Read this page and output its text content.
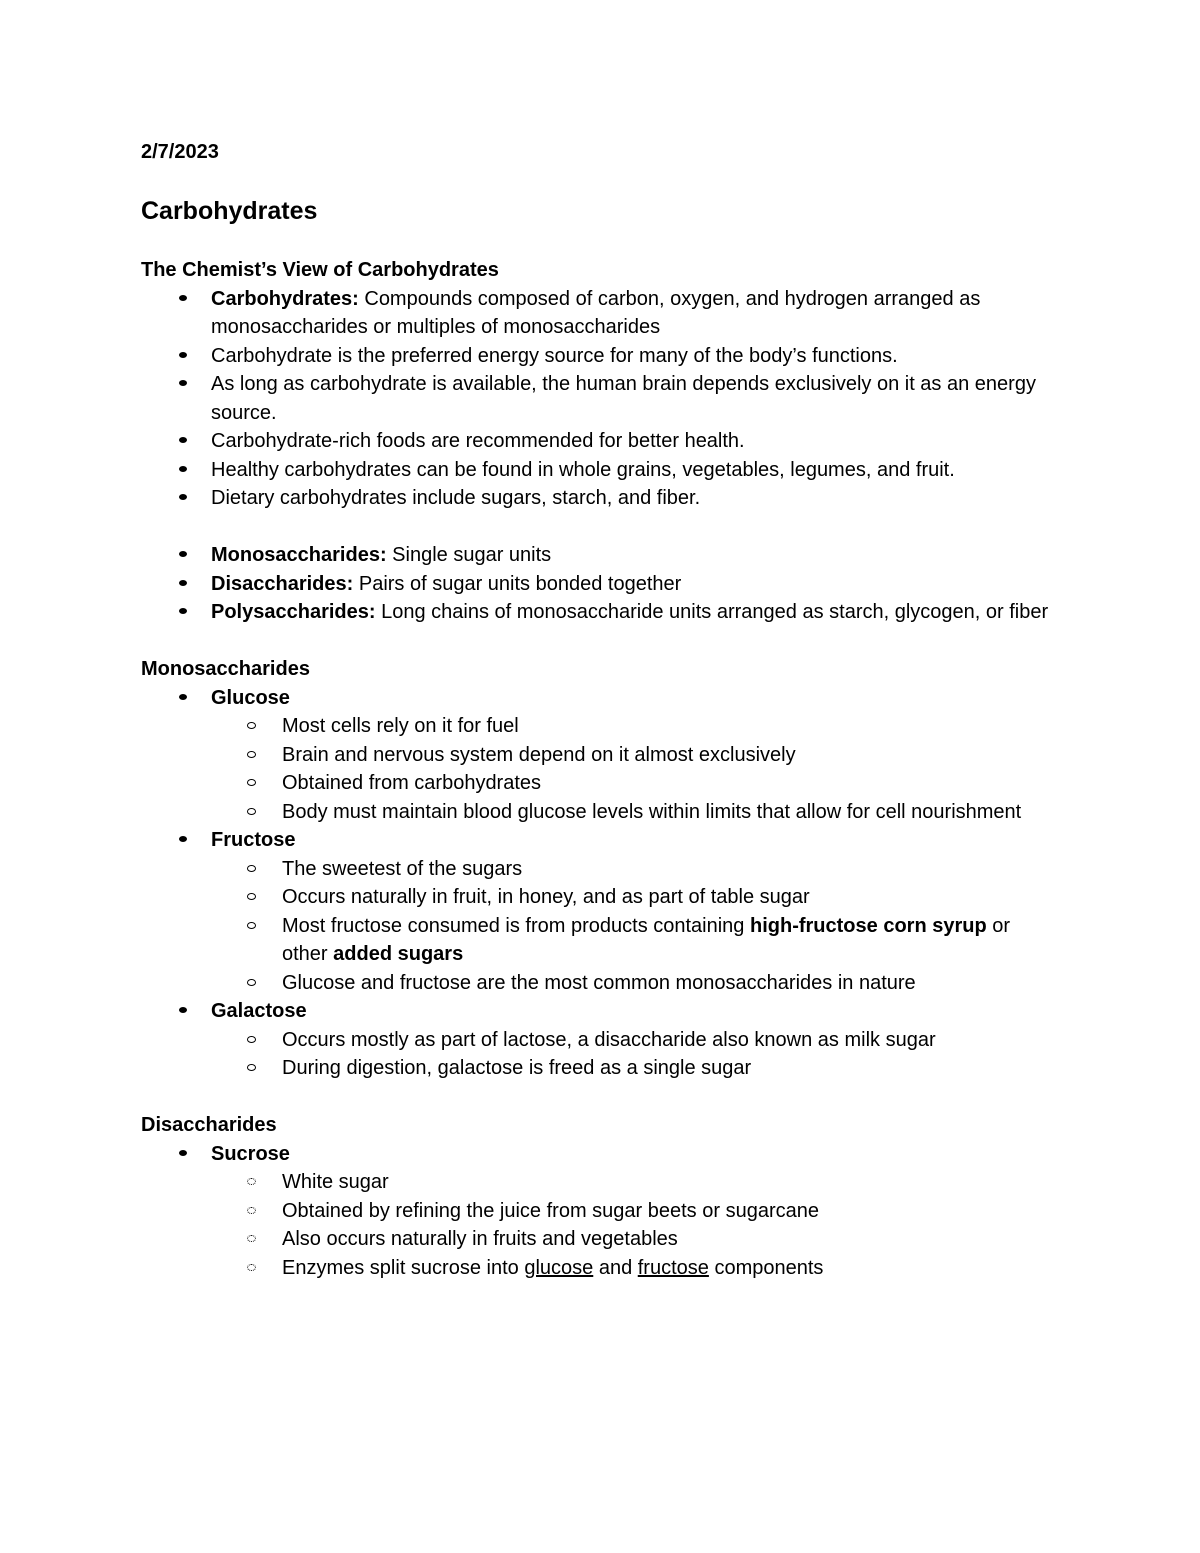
2/7/2023
Carbohydrates
The Chemist’s View of Carbohydrates
Carbohydrates: Compounds composed of carbon, oxygen, and hydrogen arranged as monosaccharides or multiples of monosaccharides
Carbohydrate is the preferred energy source for many of the body’s functions.
As long as carbohydrate is available, the human brain depends exclusively on it as an energy source.
Carbohydrate-rich foods are recommended for better health.
Healthy carbohydrates can be found in whole grains, vegetables, legumes, and fruit.
Dietary carbohydrates include sugars, starch, and fiber.
Monosaccharides: Single sugar units
Disaccharides: Pairs of sugar units bonded together
Polysaccharides: Long chains of monosaccharide units arranged as starch, glycogen, or fiber
Monosaccharides
Glucose
Most cells rely on it for fuel
Brain and nervous system depend on it almost exclusively
Obtained from carbohydrates
Body must maintain blood glucose levels within limits that allow for cell nourishment
Fructose
The sweetest of the sugars
Occurs naturally in fruit, in honey, and as part of table sugar
Most fructose consumed is from products containing high-fructose corn syrup or other added sugars
Glucose and fructose are the most common monosaccharides in nature
Galactose
Occurs mostly as part of lactose, a disaccharide also known as milk sugar
During digestion, galactose is freed as a single sugar
Disaccharides
Sucrose
White sugar
Obtained by refining the juice from sugar beets or sugarcane
Also occurs naturally in fruits and vegetables
Enzymes split sucrose into glucose and fructose components
